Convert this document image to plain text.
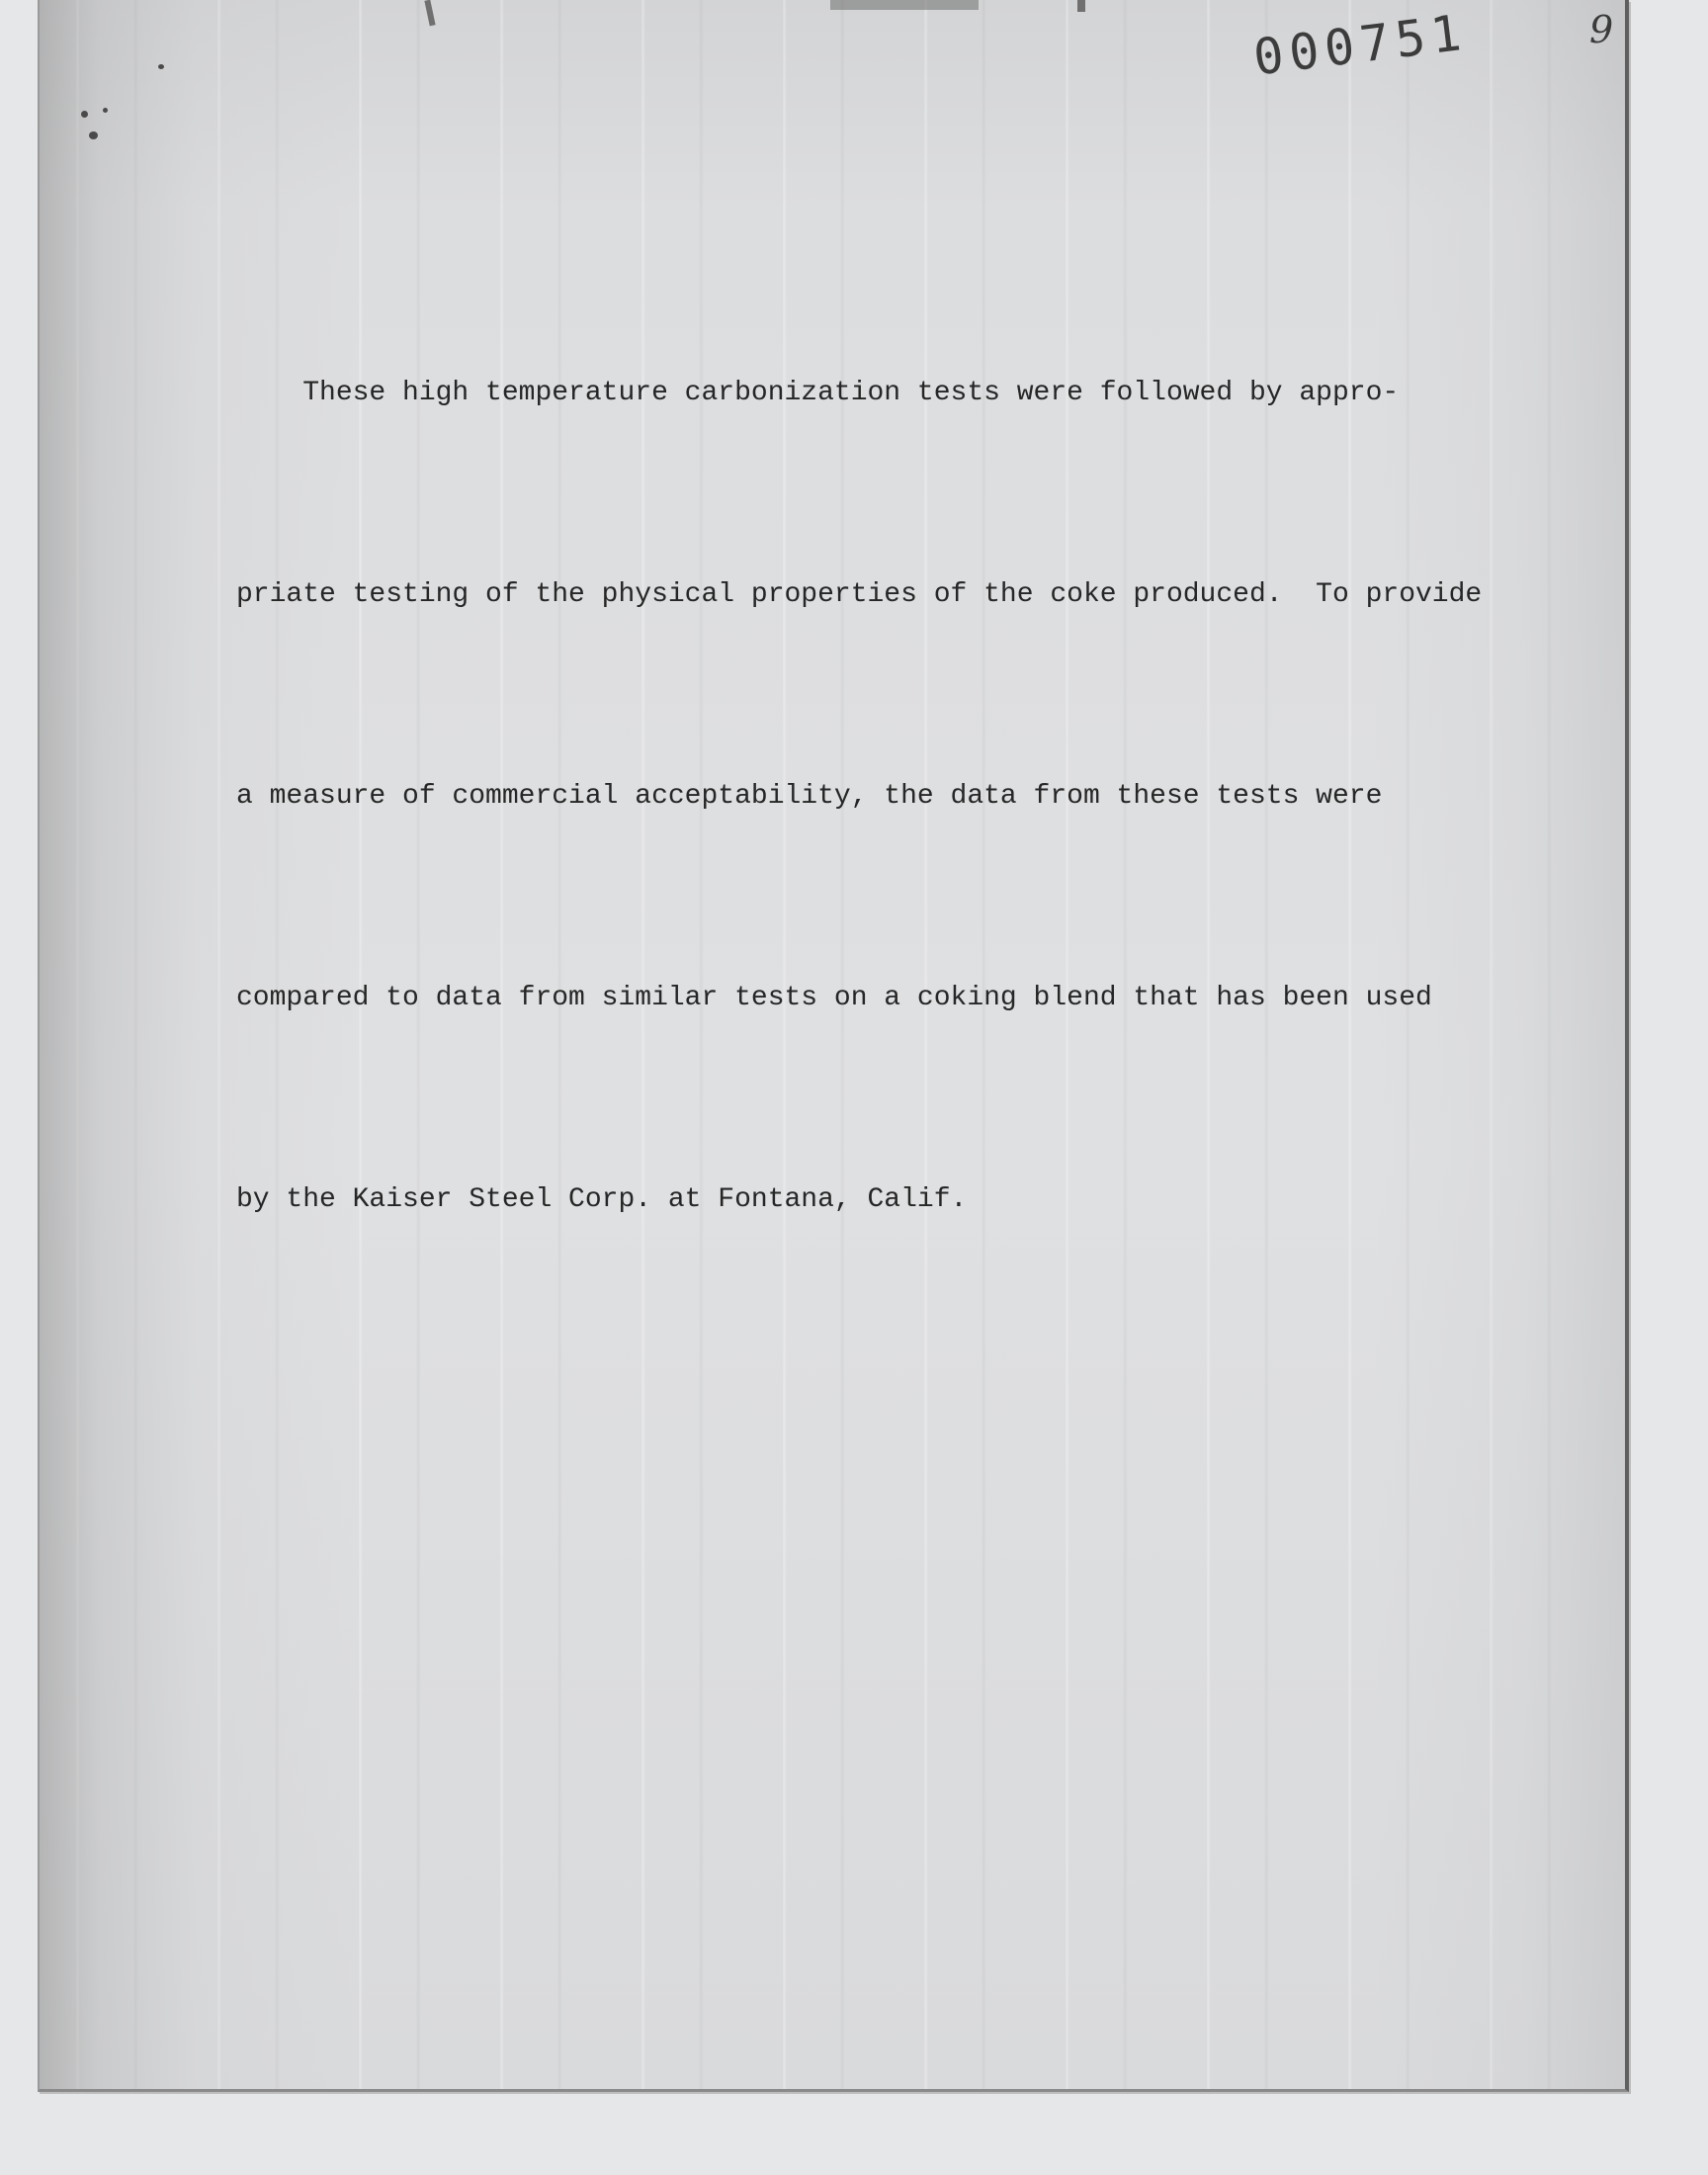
000751	9

These high temperature carbonization tests were followed by appro-

priate testing of the physical properties of the coke produced.  To provide

a measure of commercial acceptability, the data from these tests were

compared to data from similar tests on a coking blend that has been used

by the Kaiser Steel Corp. at Fontana, Calif.
